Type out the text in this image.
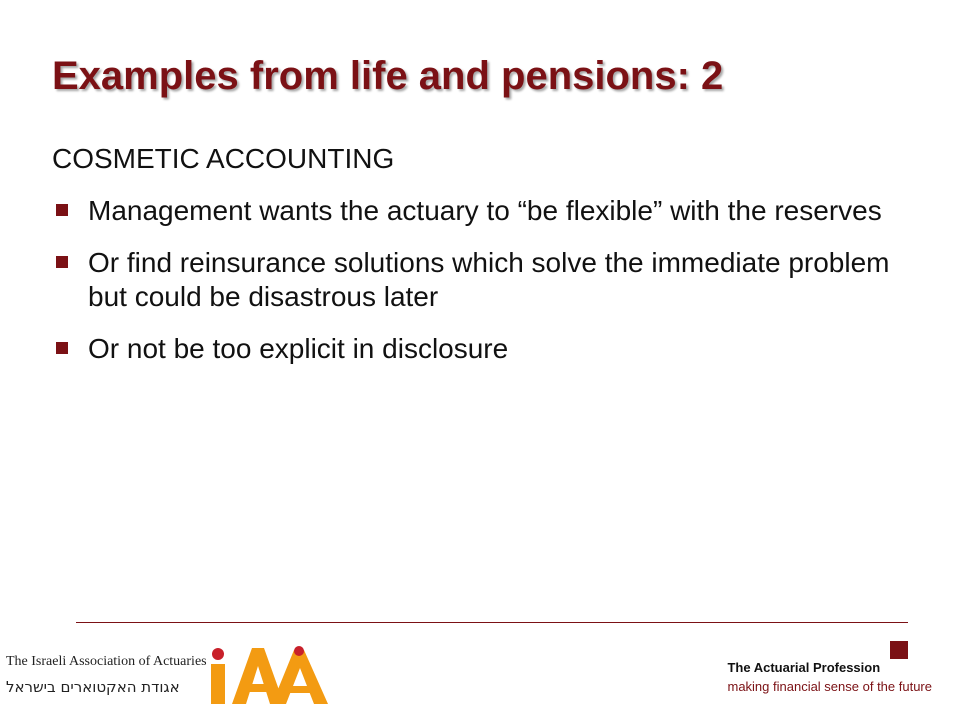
Examples from life and pensions: 2
COSMETIC ACCOUNTING
Management wants the actuary to “be flexible” with the reserves
Or find reinsurance solutions which solve the immediate problem but could be disastrous later
Or not be too explicit in disclosure
The Israeli Association of Actuaries
אגודת האקטוארים בישראל
The Actuarial Profession
making financial sense of the future
